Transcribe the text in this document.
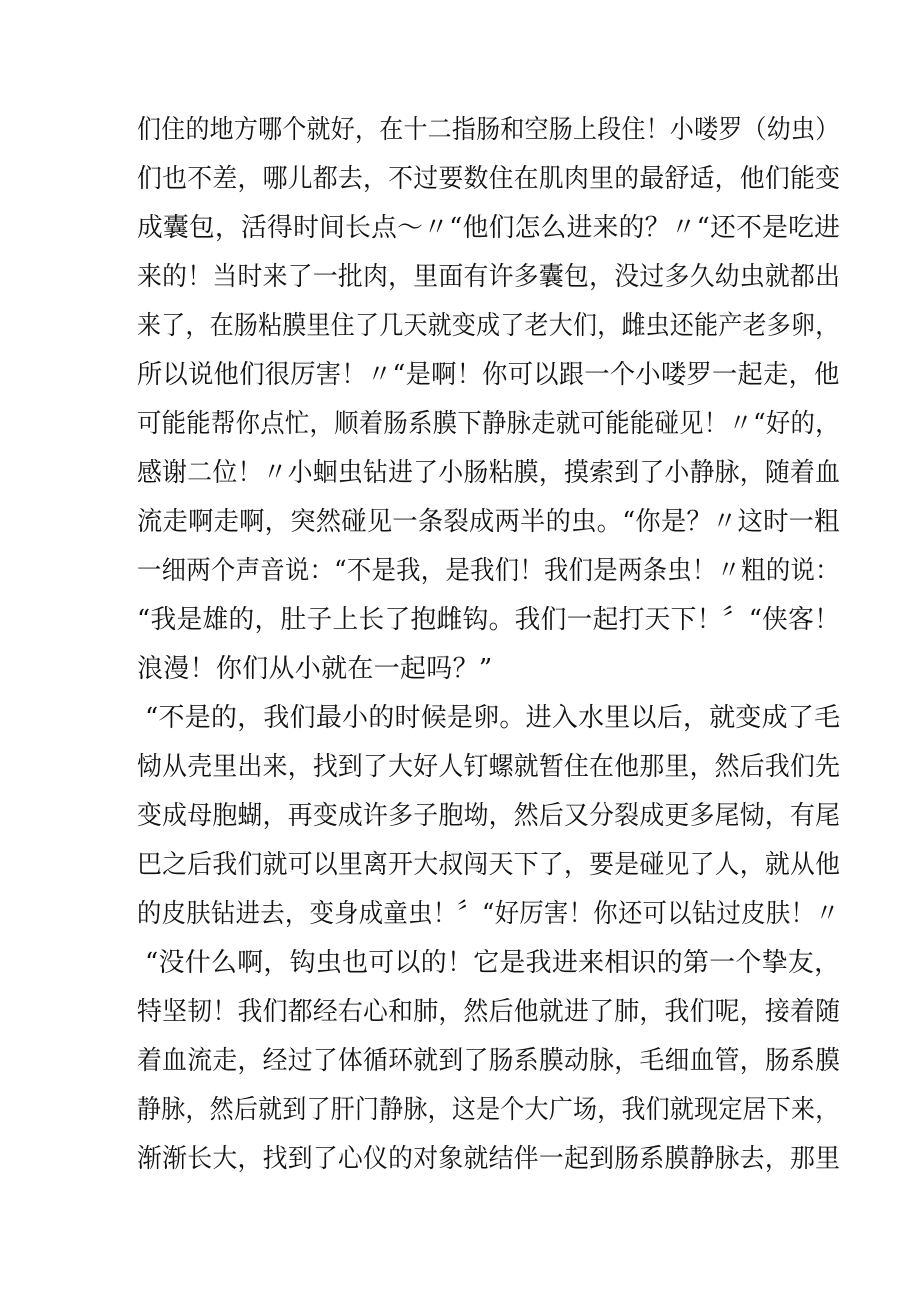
们住的地方哪个就好，在十二指肠和空肠上段住！小喽罗（幼虫）
们也不差，哪儿都去，不过要数住在肌肉里的最舒适，他们能变
成囊包，活得时间长点～〃“他们怎么进来的？〃“还不是吃进
来的！当时来了一批肉，里面有许多囊包，没过多久幼虫就都出
来了，在肠粘膜里住了几天就变成了老大们，雌虫还能产老多卵，
所以说他们很厉害！〃“是啊！你可以跟一个小喽罗一起走，他
可能能帮你点忙，顺着肠系膜下静脉走就可能能碰见！〃“好的，
感谢二位！〃小蛔虫钻进了小肠粘膜，摸索到了小静脉，随着血
流走啊走啊，突然碰见一条裂成两半的虫。“你是？〃这时一粗
一细两个声音说：“不是我，是我们！我们是两条虫！〃粗的说：
“我是雄的，肚子上长了抱雌钩。我们一起打天下！〞“侠客！
浪漫！你们从小就在一起吗？”
“不是的，我们最小的时候是卵。进入水里以后，就变成了毛
恸从壳里出来，找到了大好人钉螺就暂住在他那里，然后我们先
变成母胞蝴，再变成许多子胞坳，然后又分裂成更多尾恸，有尾
巴之后我们就可以里离开大叔闯天下了，要是碰见了人，就从他
的皮肤钻进去，变身成童虫！〞“好厉害！你还可以钻过皮肤！〃
“没什么啊，钩虫也可以的！它是我进来相识的第一个挚友，
特坚韧！我们都经右心和肺，然后他就进了肺，我们呢，接着随
着血流走，经过了体循环就到了肠系膜动脉，毛细血管，肠系膜
静脉，然后就到了肝门静脉，这是个大广场，我们就现定居下来，
渐渐长大，找到了心仪的对象就结伴一起到肠系膜静脉去，那里
